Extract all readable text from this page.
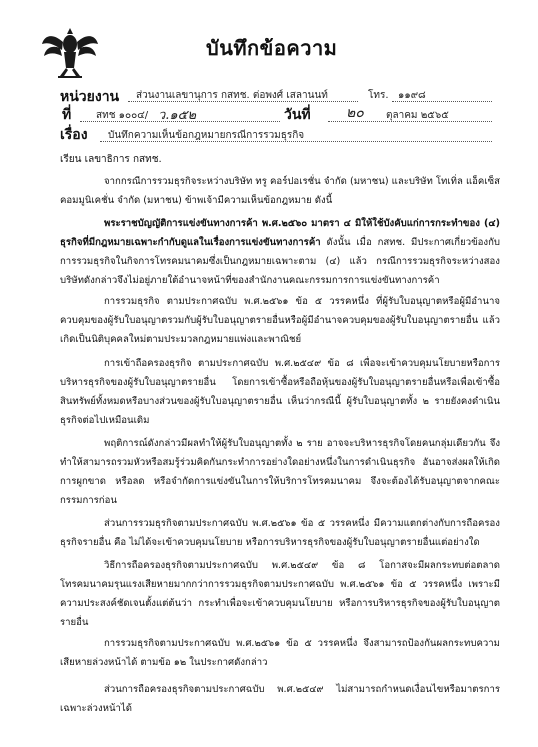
บันทึกข้อความ
หน่วยงาน ส่วนงานเลขานุการ กสทช. ต่อพงศ์ เสลานนท์	โทร. ๑๑๙๘
ที่ สทช ๑๐๐๔/ ว.๑๕๒	วันที่	๒๐ ตุลาคม ๒๕๖๕
เรื่อง บันทึกความเห็นข้อกฎหมายกรณีการรวมธุรกิจ
เรียน เลขาธิการ กสทช.
จากกรณีการรวมธุรกิจระหว่างบริษัท ทรู คอร์ปอเรชั่น จำกัด (มหาชน) และบริษัท โทเทิ่ล แอ็คเซ็ส คอมมูนิเคชั่น จำกัด (มหาชน) ข้าพเจ้ามีความเห็นข้อกฎหมาย ดังนี้
พระราชบัญญัติการแข่งขันทางการค้า พ.ศ.๒๕๖๐ มาตรา ๔ มิให้ใช้บังคับแก่การกระทำของ (๔) ธุรกิจที่มีกฎหมายเฉพาะกำกับดูแลในเรื่องการแข่งขันทางการค้า ดังนั้น เมื่อ กสทช. มีประกาศเกี่ยวข้องกับการรวมธุรกิจในกิจการโทรคมนาคมซึ่งเป็นกฎหมายเฉพาะตาม (๔) แล้ว กรณีการรวมธุรกิจระหว่างสองบริษัทดังกล่าวจึงไม่อยู่ภายใต้อำนาจหน้าที่ของสำนักงานคณะกรรมการการแข่งขันทางการค้า
การรวมธุรกิจ ตามประกาศฉบับ พ.ศ.๒๕๖๑ ข้อ ๕ วรรคหนึ่ง ที่ผู้รับใบอนุญาตหรือผู้มีอำนาจควบคุมของผู้รับใบอนุญาตรวมกับผู้รับใบอนุญาตรายอื่นหรือผู้มีอำนาจควบคุมของผู้รับใบอนุญาตรายอื่น แล้วเกิดเป็นนิติบุคคลใหม่ตามประมวลกฎหมายแพ่งและพาณิชย์
การเข้าถือครองธุรกิจ ตามประกาศฉบับ พ.ศ.๒๕๔๙ ข้อ ๘ เพื่อจะเข้าควบคุมนโยบายหรือการบริหารธุรกิจของผู้รับใบอนุญาตรายอื่น โดยการเข้าซื้อหรือถือหุ้นของผู้รับใบอนุญาตรายอื่นหรือเพื่อเข้าซื้อสินทรัพย์ทั้งหมดหรือบางส่วนของผู้รับใบอนุญาตรายอื่น เห็นว่ากรณีนี้ ผู้รับใบอนุญาตทั้ง ๒ รายยังคงดำเนินธุรกิจต่อไปเหมือนเดิม
พฤติการณ์ดังกล่าวมีผลทำให้ผู้รับใบอนุญาตทั้ง ๒ ราย อาจจะบริหารธุรกิจโดยคนกลุ่มเดียวกัน จึงทำให้สามารถรวมหัวหรือสมรู้ร่วมคิดกันกระทำการอย่างใดอย่างหนึ่งในการดำเนินธุรกิจ อันอาจส่งผลให้เกิดการผูกขาด หรือลด หรือจำกัดการแข่งขันในการให้บริการโทรคมนาคม จึงจะต้องได้รับอนุญาตจากคณะกรรมการก่อน
ส่วนการรวมธุรกิจตามประกาศฉบับ พ.ศ.๒๕๖๑ ข้อ ๕ วรรคหนึ่ง มีความแตกต่างกับการถือครองธุรกิจรายอื่น คือ ไม่ได้จะเข้าควบคุมนโยบาย หรือการบริหารธุรกิจของผู้รับใบอนุญาตรายอื่นแต่อย่างใด
วิธีการถือครองธุรกิจตามประกาศฉบับ พ.ศ.๒๕๔๙ ข้อ ๘ โอกาสจะมีผลกระทบต่อตลาดโทรคมนาคมรุนแรงเสียหายมากกว่าการรวมธุรกิจตามประกาศฉบับ พ.ศ.๒๕๖๑ ข้อ ๕ วรรคหนึ่ง เพราะมีความประสงค์ชัดเจนตั้งแต่ต้นว่า กระทำเพื่อจะเข้าควบคุมนโยบาย หรือการบริหารธุรกิจของผู้รับใบอนุญาตรายอื่น
การรวมธุรกิจตามประกาศฉบับ พ.ศ.๒๕๖๑ ข้อ ๕ วรรคหนึ่ง จึงสามารถป้องกันผลกระทบความเสียหายล่วงหน้าได้ ตามข้อ ๑๒ ในประกาศดังกล่าว
ส่วนการถือครองธุรกิจตามประกาศฉบับ พ.ศ.๒๕๔๙ ไม่สามารถกำหนดเงื่อนไขหรือมาตรการเฉพาะล่วงหน้าได้
